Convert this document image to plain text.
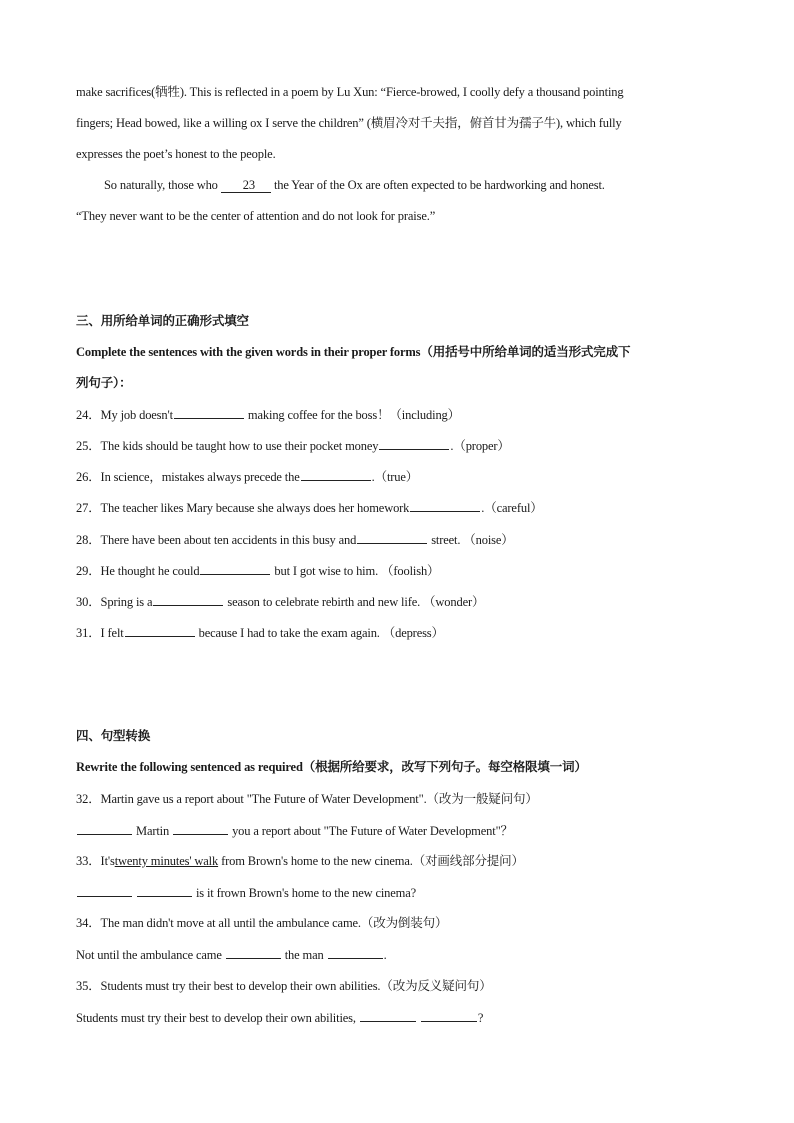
make sacrifices(牺牲). This is reflected in a poem by Lu Xun: “Fierce-browed, I coolly defy a thousand pointing
fingers; Head bowed, like a willing ox I serve the children” (横眉冷对千夫指，俯首甘为孺子牛), which fully
expresses the poet’s honest to the people.
So naturally, those who 23 the Year of the Ox are often expected to be hardworking and honest.
“They never want to be the center of attention and do not look for praise.”
三、用所给单词的正确形式填空
Complete the sentences with the given words in their proper forms（用括号中所给单词的适当形式完成下
列句子）：
24．My job doesn't	making coffee for the boss！（including）
25．The kids should be taught how to use their pocket money	.（proper）
26．In science，mistakes always precede the	.（true）
27．The teacher likes Mary because she always does her homework	.（careful）
28．There have been about ten accidents in this busy and	street. （noise）
29．He thought he could	but I got wise to him. （foolish）
30．Spring is a	season to celebrate rebirth and new life. （wonder）
31．I felt	because I had to take the exam again. （depress）
四、句型转换
Rewrite the following sentenced as required（根据所给要求，改写下列句子。每空格限填一词）
32．Martin gave us a report about "The Future of Water Development".（改为一般疑问句）
Martin	you a report about "The Future of Water Development"？
33．It'stwenty minutes' walk from Brown's home to the new cinema.（对画线部分提问）
is it frown Brown's home to the new cinema?
34．The man didn't move at all until the ambulance came.（改为倒装句）
Not until the ambulance came	the man	.
35．Students must try their best to develop their own abilities.（改为反义疑问句）
Students must try their best to develop their own abilities,	?
